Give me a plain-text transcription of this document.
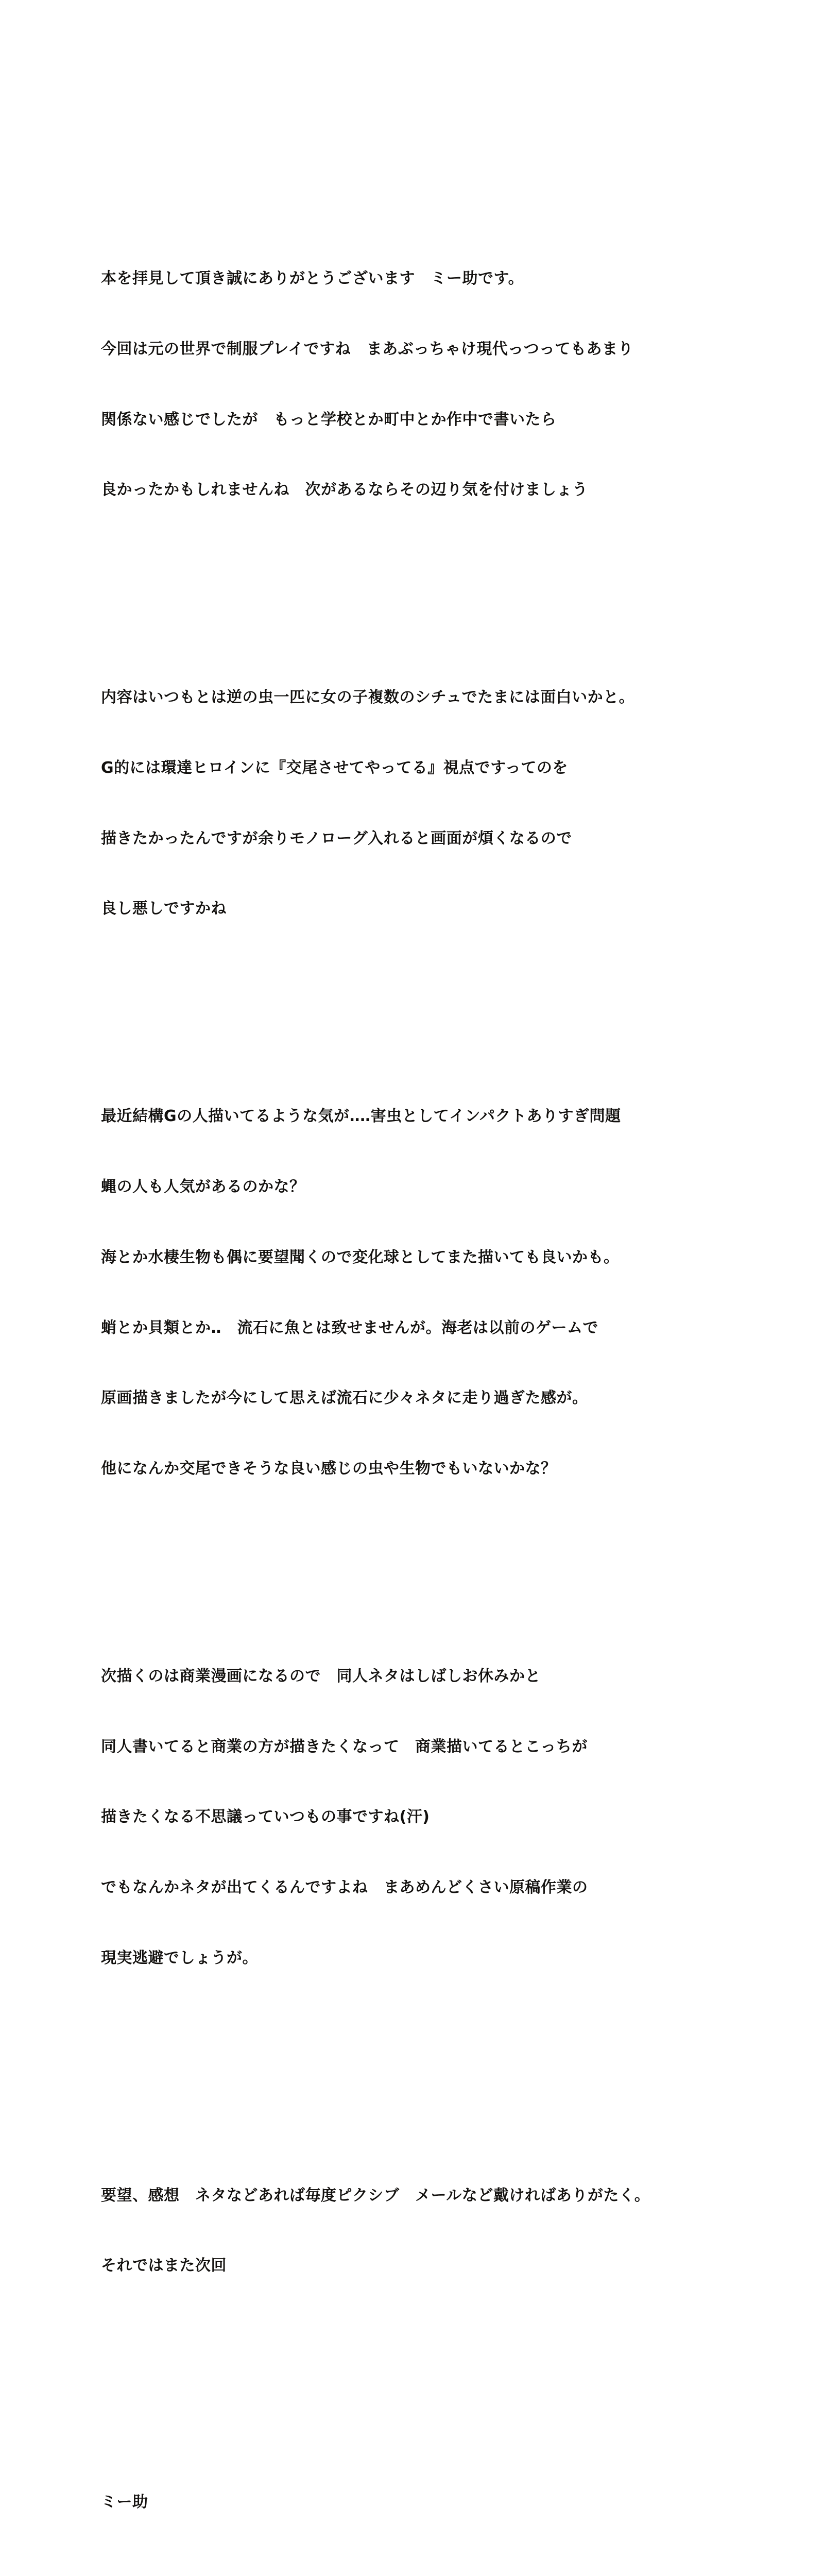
本を拝見して頂き誠にありがとうございます　ミー助です。

今回は元の世界で制服プレイですね　まあぶっちゃけ現代っつってもあまり

関係ない感じでしたが　もっと学校とか町中とか作中で書いたら

良かったかもしれませんね　次があるならその辺り気を付けましょう

内容はいつもとは逆の虫一匹に女の子複数のシチュでたまには面白いかと。

G的には環達ヒロインに『交尾させてやってる』視点ですってのを

描きたかったんですが余りモノローグ入れると画面が煩くなるので

良し悪しですかね

最近結構Gの人描いてるような気が‥‥害虫としてインパクトありすぎ問題

蝿の人も人気があるのかな？

海とか水棲生物も偶に要望聞くので変化球としてまた描いても良いかも。

蛸とか貝類とか‥　流石に魚とは致せませんが。海老は以前のゲームで

原画描きましたが今にして思えば流石に少々ネタに走り過ぎた感が。

他になんか交尾できそうな良い感じの虫や生物でもいないかな？

次描くのは商業漫画になるので　同人ネタはしばしお休みかと

同人書いてると商業の方が描きたくなって　商業描いてるとこっちが

描きたくなる不思議っていつもの事ですね(汗)

でもなんかネタが出てくるんですよね　まあめんどくさい原稿作業の

現実逃避でしょうが。

要望、感想　ネタなどあれば毎度ピクシブ　メールなど戴ければありがたく。

それではまた次回

ミー助
